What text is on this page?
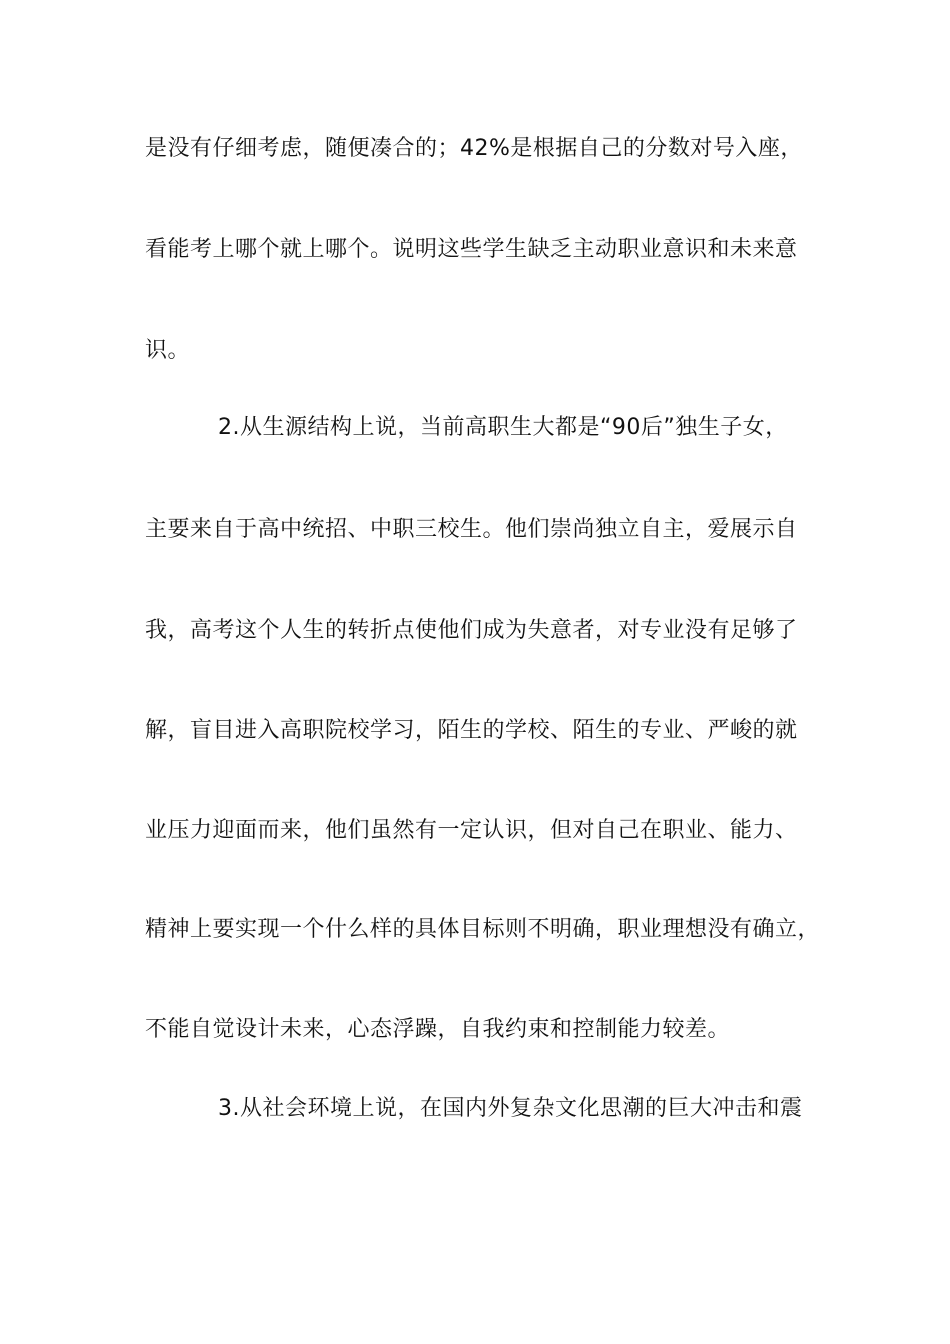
是没有仔细考虑，随便凑合的；42%是根据自己的分数对号入座，
看能考上哪个就上哪个。说明这些学生缺乏主动职业意识和未来意
识。
2.从生源结构上说，当前高职生大都是“90后”独生子女，
主要来自于高中统招、中职三校生。他们崇尚独立自主，爱展示自
我，高考这个人生的转折点使他们成为失意者，对专业没有足够了
解，盲目进入高职院校学习，陌生的学校、陌生的专业、严峻的就
业压力迎面而来，他们虽然有一定认识，但对自己在职业、能力、
精神上要实现一个什么样的具体目标则不明确，职业理想没有确立，
不能自觉设计未来，心态浮躁，自我约束和控制能力较差。
3.从社会环境上说，在国内外复杂文化思潮的巨大冲击和震
